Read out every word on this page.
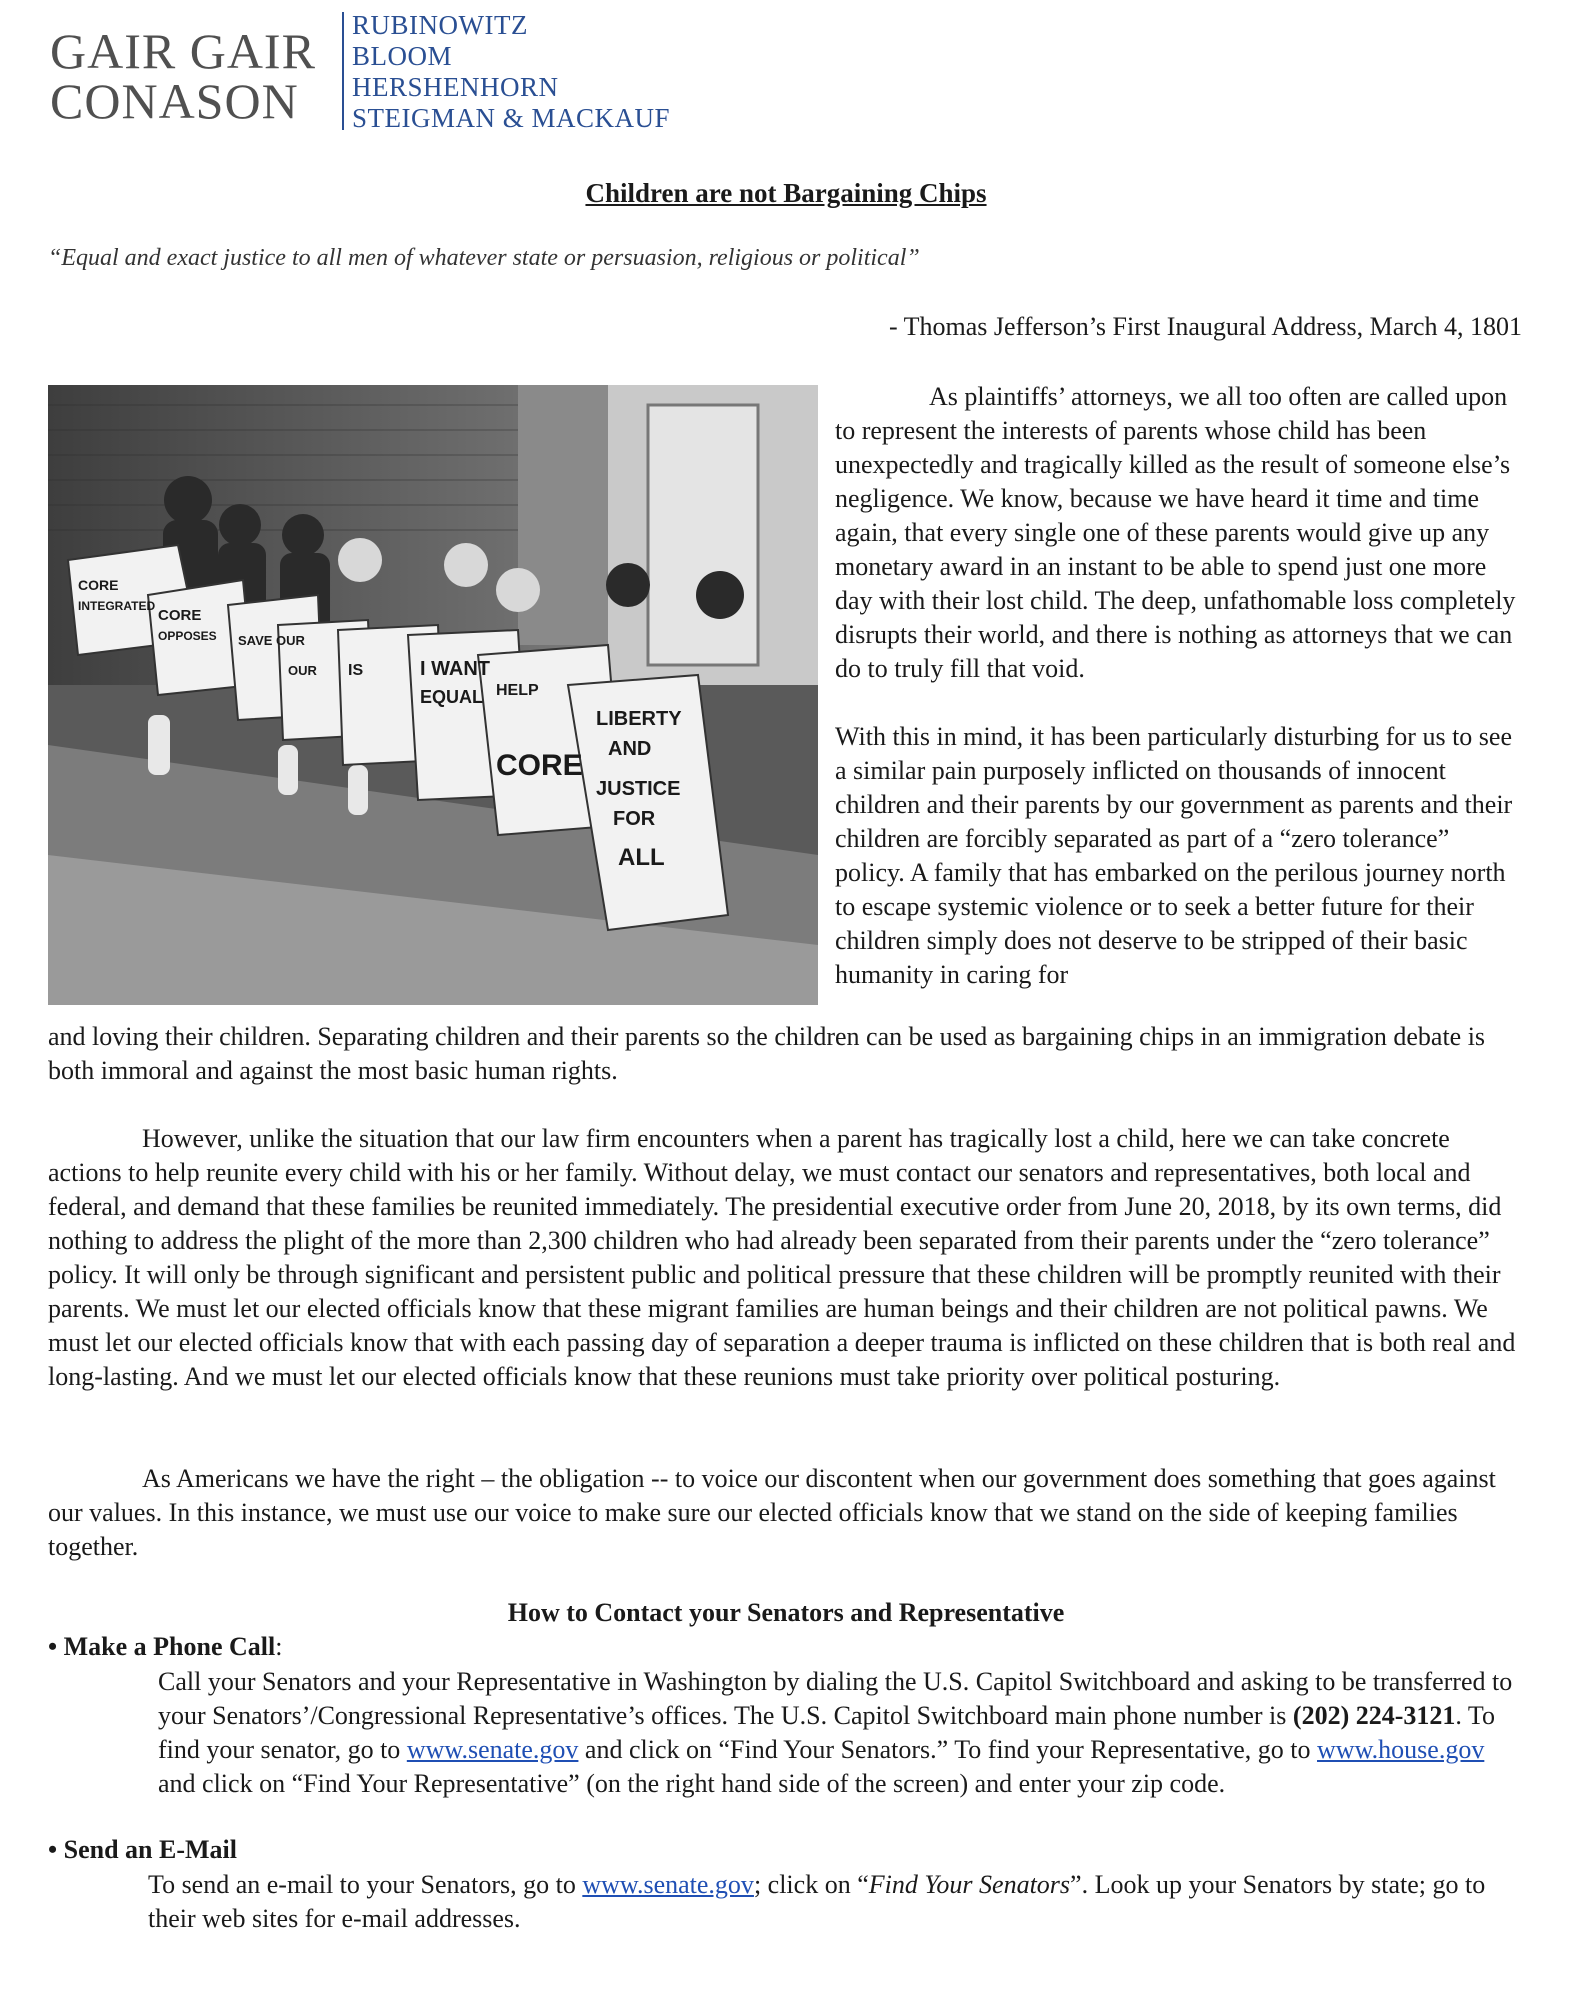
GAIR GAIR
CONASON
RUBINOWITZ
BLOOM
HERSHENHORN
STEIGMAN & MACKAUF
Children are not Bargaining Chips
“Equal and exact justice to all men of whatever state or persuasion, religious or political”
- Thomas Jefferson’s First Inaugural Address, March 4, 1801
CORE
INTEGRATED
CORE
OPPOSES SAVE OUR
OUR IS	I WANT
EQUAL HELP
CORE
LIBERTY
AND
JUSTICE
FOR
ALL

As plaintiffs’ attorneys, we all too often are called upon to represent the interests of parents whose child has been unexpectedly and tragically killed as the result of someone else’s negligence. We know, because we have heard it time and time again, that every single one of these parents would give up any monetary award in an instant to be able to spend just one more day with their lost child. The deep, unfathomable loss completely disrupts their world, and there is nothing as attorneys that we can do to truly fill that void.

With this in mind, it has been particularly disturbing for us to see a similar pain purposely inflicted on thousands of innocent children and their parents by our government as parents and their children are forcibly separated as part of a “zero tolerance” policy. A family that has embarked on the perilous journey north to escape systemic violence or to seek a better future for their children simply does not deserve to be stripped of their basic humanity in caring for

and loving their children. Separating children and their parents so the children can be used as bargaining chips in an immigration debate is both immoral and against the most basic human rights.

However, unlike the situation that our law firm encounters when a parent has tragically lost a child, here we can take concrete actions to help reunite every child with his or her family. Without delay, we must contact our senators and representatives, both local and federal, and demand that these families be reunited immediately. The presidential executive order from June 20, 2018, by its own terms, did nothing to address the plight of the more than 2,300 children who had already been separated from their parents under the “zero tolerance” policy. It will only be through significant and persistent public and political pressure that these children will be promptly reunited with their parents. We must let our elected officials know that these migrant families are human beings and their children are not political pawns. We must let our elected officials know that with each passing day of separation a deeper trauma is inflicted on these children that is both real and long-lasting. And we must let our elected officials know that these reunions must take priority over political posturing.

As Americans we have the right – the obligation -- to voice our discontent when our government does something that goes against our values. In this instance, we must use our voice to make sure our elected officials know that we stand on the side of keeping families together.

How to Contact your Senators and Representative
• Make a Phone Call:
Call your Senators and your Representative in Washington by dialing the U.S. Capitol Switchboard and asking to be transferred to your Senators’/Congressional Representative’s offices. The U.S. Capitol Switchboard main phone number is (202) 224-3121. To find your senator, go to www.senate.gov and click on “Find Your Senators.” To find your Representative, go to www.house.gov and click on “Find Your Representative” (on the right hand side of the screen) and enter your zip code.
• Send an E-Mail
To send an e-mail to your Senators, go to www.senate.gov; click on “Find Your Senators”. Look up your Senators by state; go to their web sites for e-mail addresses.
